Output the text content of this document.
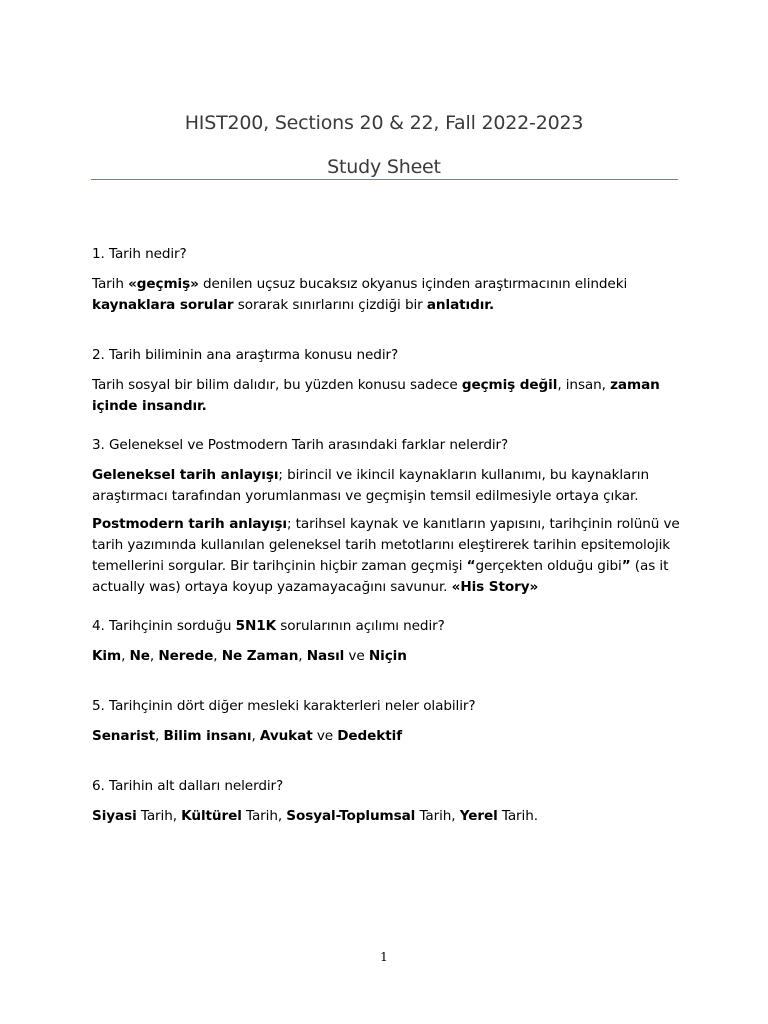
HIST200, Sections 20 & 22, Fall 2022-2023
Study Sheet

1. Tarih nedir?

Tarih «geçmiş» denilen uçsuz bucaksız okyanus içinden araştırmacının elindeki kaynaklara sorular sorarak sınırlarını çizdiği bir anlatıdır.

2. Tarih biliminin ana araştırma konusu nedir?

Tarih sosyal bir bilim dalıdır, bu yüzden konusu sadece geçmiş değil, insan, zaman içinde insandır.

3. Geleneksel ve Postmodern Tarih arasındaki farklar nelerdir?

Geleneksel tarih anlayışı; birincil ve ikincil kaynakların kullanımı, bu kaynakların araştırmacı tarafından yorumlanması ve geçmişin temsil edilmesiyle ortaya çıkar.

Postmodern tarih anlayışı; tarihsel kaynak ve kanıtların yapısını, tarihçinin rolünü ve tarih yazımında kullanılan geleneksel tarih metotlarını eleştirerek tarihin epsitemolojik temellerini sorgular. Bir tarihçinin hiçbir zaman geçmişi “gerçekten olduğu gibi” (as it actually was) ortaya koyup yazamayacağını savunur. «His Story»

4. Tarihçinin sorduğu 5N1K sorularının açılımı nedir?

Kim, Ne, Nerede, Ne Zaman, Nasıl ve Niçin

5. Tarihçinin dört diğer mesleki karakterleri neler olabilir?

Senarist, Bilim insanı, Avukat ve Dedektif

6. Tarihin alt dalları nelerdir?

Siyasi Tarih, Kültürel Tarih, Sosyal-Toplumsal Tarih, Yerel Tarih.

1
